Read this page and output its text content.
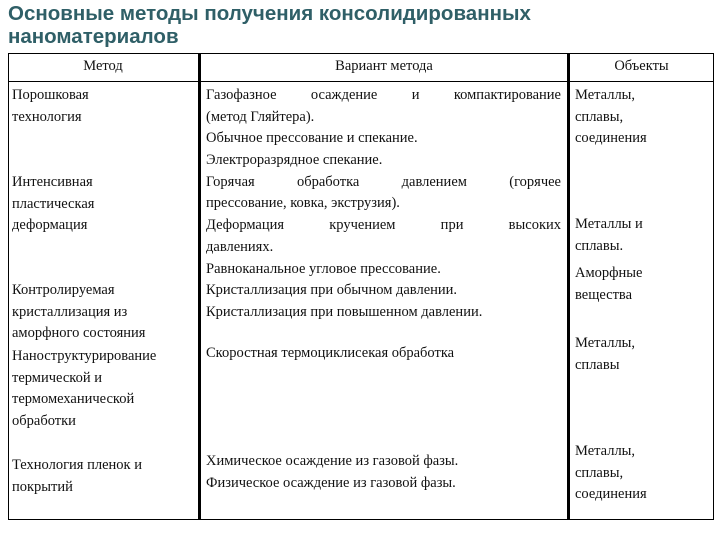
Основные методы получения консолидированных
наноматериалов
Метод	Вариант метода	Объекты
Порошковая
технология
Интенсивная
пластическая
деформация
Контролируемая
кристаллизация из
аморфного состояния
Наноструктурирование
термической и
термомеханической
обработки
Технология пленок и
покрытий
Газофазное осаждение и компактирование
(метод Гляйтера).
Обычное прессование и спекание.
Электроразрядное спекание.
Горячая обработка давлением (горячее
прессование, ковка, экструзия).
Деформация кручением при высоких
давлениях.
Равноканальное угловое прессование.
Кристаллизация при обычном давлении.
Кристаллизация при повышенном давлении.
Скоростная термоциклисекая обработка
Химическое осаждение из газовой фазы.
Физическое осаждение из газовой фазы.
Металлы,
сплавы,
соединения
Металлы и
сплавы.
Аморфные
вещества
Металлы,
сплавы
Металлы,
сплавы,
соединения
